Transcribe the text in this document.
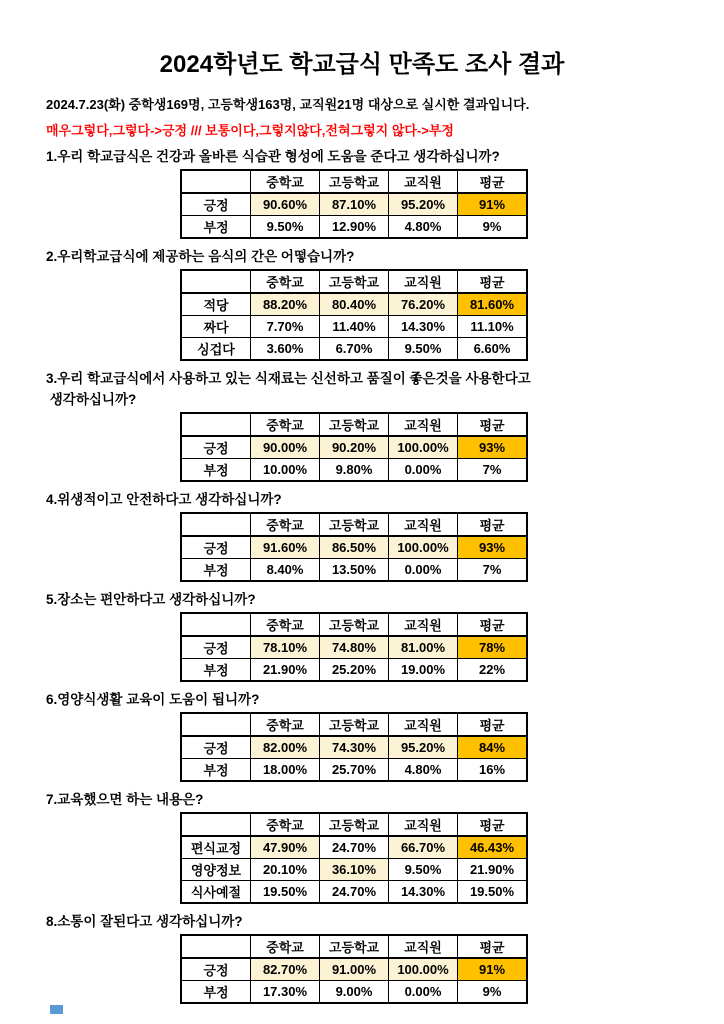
2024학년도 학교급식 만족도 조사 결과
2024.7.23(화) 중학생169명, 고등학생163명, 교직원21명 대상으로 실시한 결과입니다.
매우그렇다,그렇다->긍정 /// 보통이다,그렇지않다,전혀그렇지 않다->부정
1.우리 학교급식은 건강과 올바른 식습관 형성에 도움을 준다고 생각하십니까?
	중학교	고등학교	교직원	평균
긍정	90.60%	87.10%	95.20%	91%
부정	9.50%	12.90%	4.80%	9%
2.우리학교급식에 제공하는 음식의 간은 어떻습니까?
	중학교	고등학교	교직원	평균
적당	88.20%	80.40%	76.20%	81.60%
짜다	7.70%	11.40%	14.30%	11.10%
싱겁다	3.60%	6.70%	9.50%	6.60%
3.우리 학교급식에서 사용하고 있는 식재료는 신선하고 품질이 좋은것을 사용한다고
생각하십니까?
	중학교	고등학교	교직원	평균
긍정	90.00%	90.20%	100.00%	93%
부정	10.00%	9.80%	0.00%	7%
4.위생적이고 안전하다고 생각하십니까?
	중학교	고등학교	교직원	평균
긍정	91.60%	86.50%	100.00%	93%
부정	8.40%	13.50%	0.00%	7%
5.장소는 편안하다고 생각하십니까?
	중학교	고등학교	교직원	평균
긍정	78.10%	74.80%	81.00%	78%
부정	21.90%	25.20%	19.00%	22%
6.영양식생활 교육이 도움이 됩니까?
	중학교	고등학교	교직원	평균
긍정	82.00%	74.30%	95.20%	84%
부정	18.00%	25.70%	4.80%	16%
7.교육했으면 하는 내용은?
	중학교	고등학교	교직원	평균
편식교정	47.90%	24.70%	66.70%	46.43%
영양정보	20.10%	36.10%	9.50%	21.90%
식사예절	19.50%	24.70%	14.30%	19.50%
8.소통이 잘된다고 생각하십니까?
	중학교	고등학교	교직원	평균
긍정	82.70%	91.00%	100.00%	91%
부정	17.30%	9.00%	0.00%	9%
